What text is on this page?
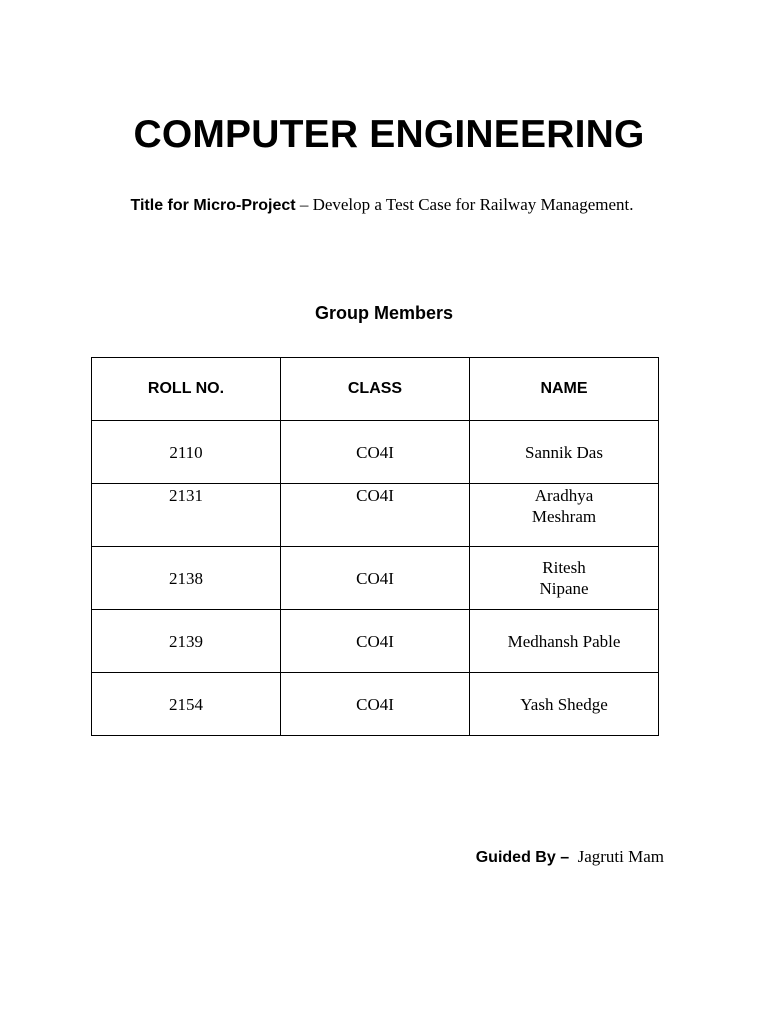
COMPUTER ENGINEERING
Title for Micro-Project – Develop a Test Case for Railway Management.
Group Members
ROLL NO.	CLASS	NAME
2110	CO4I	Sannik Das
2131	CO4I	Aradhya Meshram
2138	CO4I	Ritesh Nipane
2139	CO4I	Medhansh Pable
2154	CO4I	Yash Shedge
Guided By – Jagruti Mam
